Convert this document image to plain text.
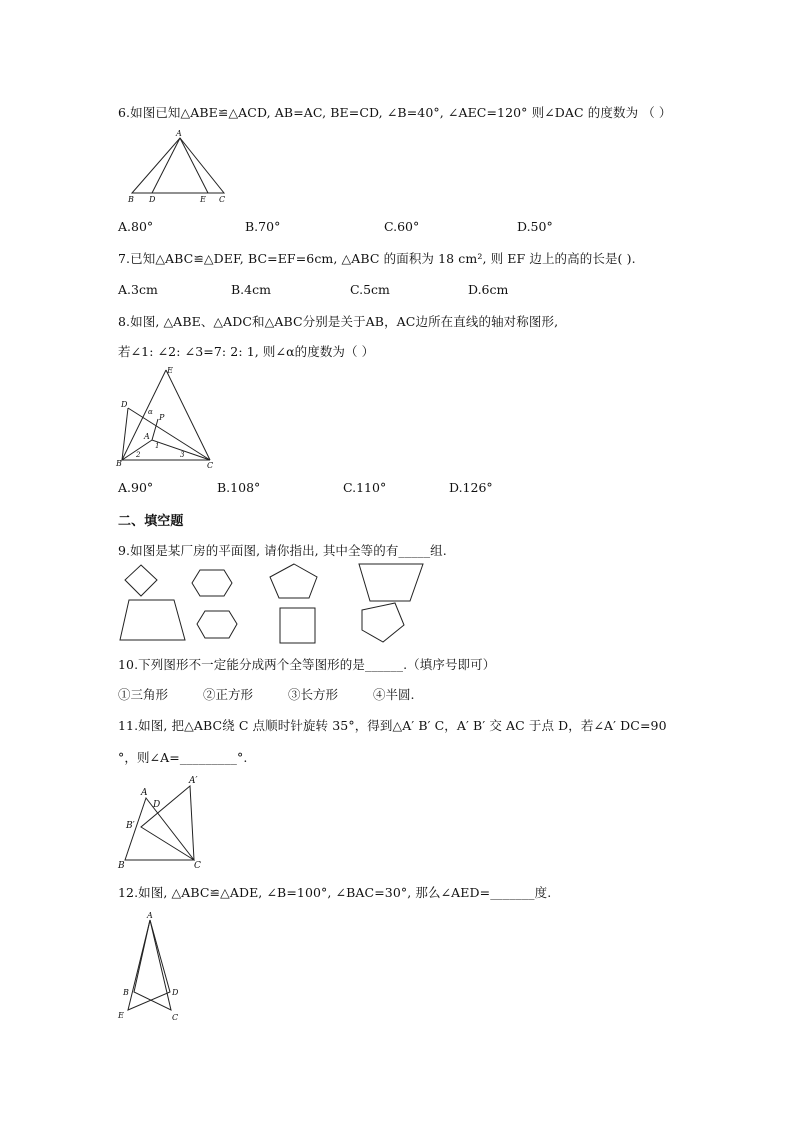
6.如图已知△ABE≌△ACD, AB=AC, BE=CD, ∠B=40°, ∠AEC=120° 则∠DAC 的度数为 （ ）
A
B D	E C
A.80°	B.70°	C.60°	D.50°
7.已知△ABC≌△DEF, BC=EF=6cm, △ABC 的面积为 18 cm², 则 EF 边上的高的长是( ).
A.3cm	B.4cm	C.5cm	D.6cm
8.如图, △ABE、△ADC和△ABC分别是关于AB，AC边所在直线的轴对称图形,
若∠1: ∠2: ∠3=7: 2: 1, 则∠α的度数为（ ）
E
D
α
P
A
1
B
2	3
C
A.90°	B.108°	C.110°	D.126°
二、填空题
9.如图是某厂房的平面图, 请你指出, 其中全等的有_____组.
10.下列图形不一定能分成两个全等图形的是______.（填序号即可）
①三角形	②正方形	③长方形	④半圆.
11.如图, 把△ABC绕 C 点顺时针旋转 35°，得到△A′ B′ C，A′ B′ 交 AC 于点 D，若∠A′ DC=90
°，则∠A=_________°.
A′
A
D
B′
B	C
12.如图, △ABC≌△ADE, ∠B=100°, ∠BAC=30°, 那么∠AED=_______度.
A
B	D
E	C
